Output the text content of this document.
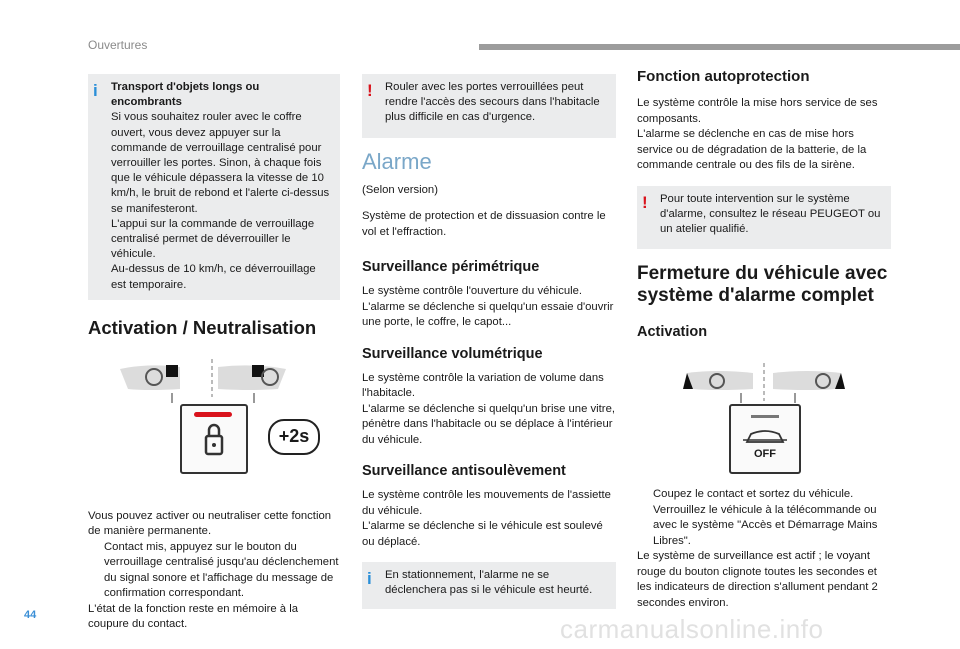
Ouvertures
i Transport d'objets longs ou encombrants

Si vous souhaitez rouler avec le coffre ouvert, vous devez appuyer sur la commande de verrouillage centralisé pour verrouiller les portes. Sinon, à chaque fois que le véhicule dépassera la vitesse de 10 km/h, le bruit de rebond et l'alerte ci-dessus se manifesteront.
L'appui sur la commande de verrouillage centralisé permet de déverrouiller le véhicule.
Au-dessus de 10 km/h, ce déverrouillage est temporaire.

Activation / Neutralisation
+2s

Vous pouvez activer ou neutraliser cette fonction de manière permanente.

Contact mis, appuyez sur le bouton du verrouillage centralisé jusqu'au déclenchement du signal sonore et l'affichage du message de confirmation correspondant.

L'état de la fonction reste en mémoire à la coupure du contact.

! Rouler avec les portes verrouillées peut rendre l'accès des secours dans l'habitacle plus difficile en cas d'urgence.

Alarme

(Selon version)

Système de protection et de dissuasion contre le vol et l'effraction.

Surveillance périmétrique

Le système contrôle l'ouverture du véhicule.
L'alarme se déclenche si quelqu'un essaie d'ouvrir une porte, le coffre, le capot...

Surveillance volumétrique

Le système contrôle la variation de volume dans l'habitacle.
L'alarme se déclenche si quelqu'un brise une vitre, pénètre dans l'habitacle ou se déplace à l'intérieur du véhicule.

Surveillance antisoulèvement

Le système contrôle les mouvements de l'assiette du véhicule.
L'alarme se déclenche si le véhicule est soulevé ou déplacé.

i En stationnement, l'alarme ne se déclenchera pas si le véhicule est heurté.

Fonction autoprotection

Le système contrôle la mise hors service de ses composants.
L'alarme se déclenche en cas de mise hors service ou de dégradation de la batterie, de la commande centrale ou des fils de la sirène.

! Pour toute intervention sur le système d'alarme, consultez le réseau PEUGEOT ou un atelier qualifié.

Fermeture du véhicule avec système d'alarme complet
Activation
OFF
Coupez le contact et sortez du véhicule.
Verrouillez le véhicule à la télécommande ou avec le système "Accès et Démarrage Mains Libres".

Le système de surveillance est actif ; le voyant rouge du bouton clignote toutes les secondes et les indicateurs de direction s'allument pendant 2 secondes environ.

44	carmanualsonline.info
